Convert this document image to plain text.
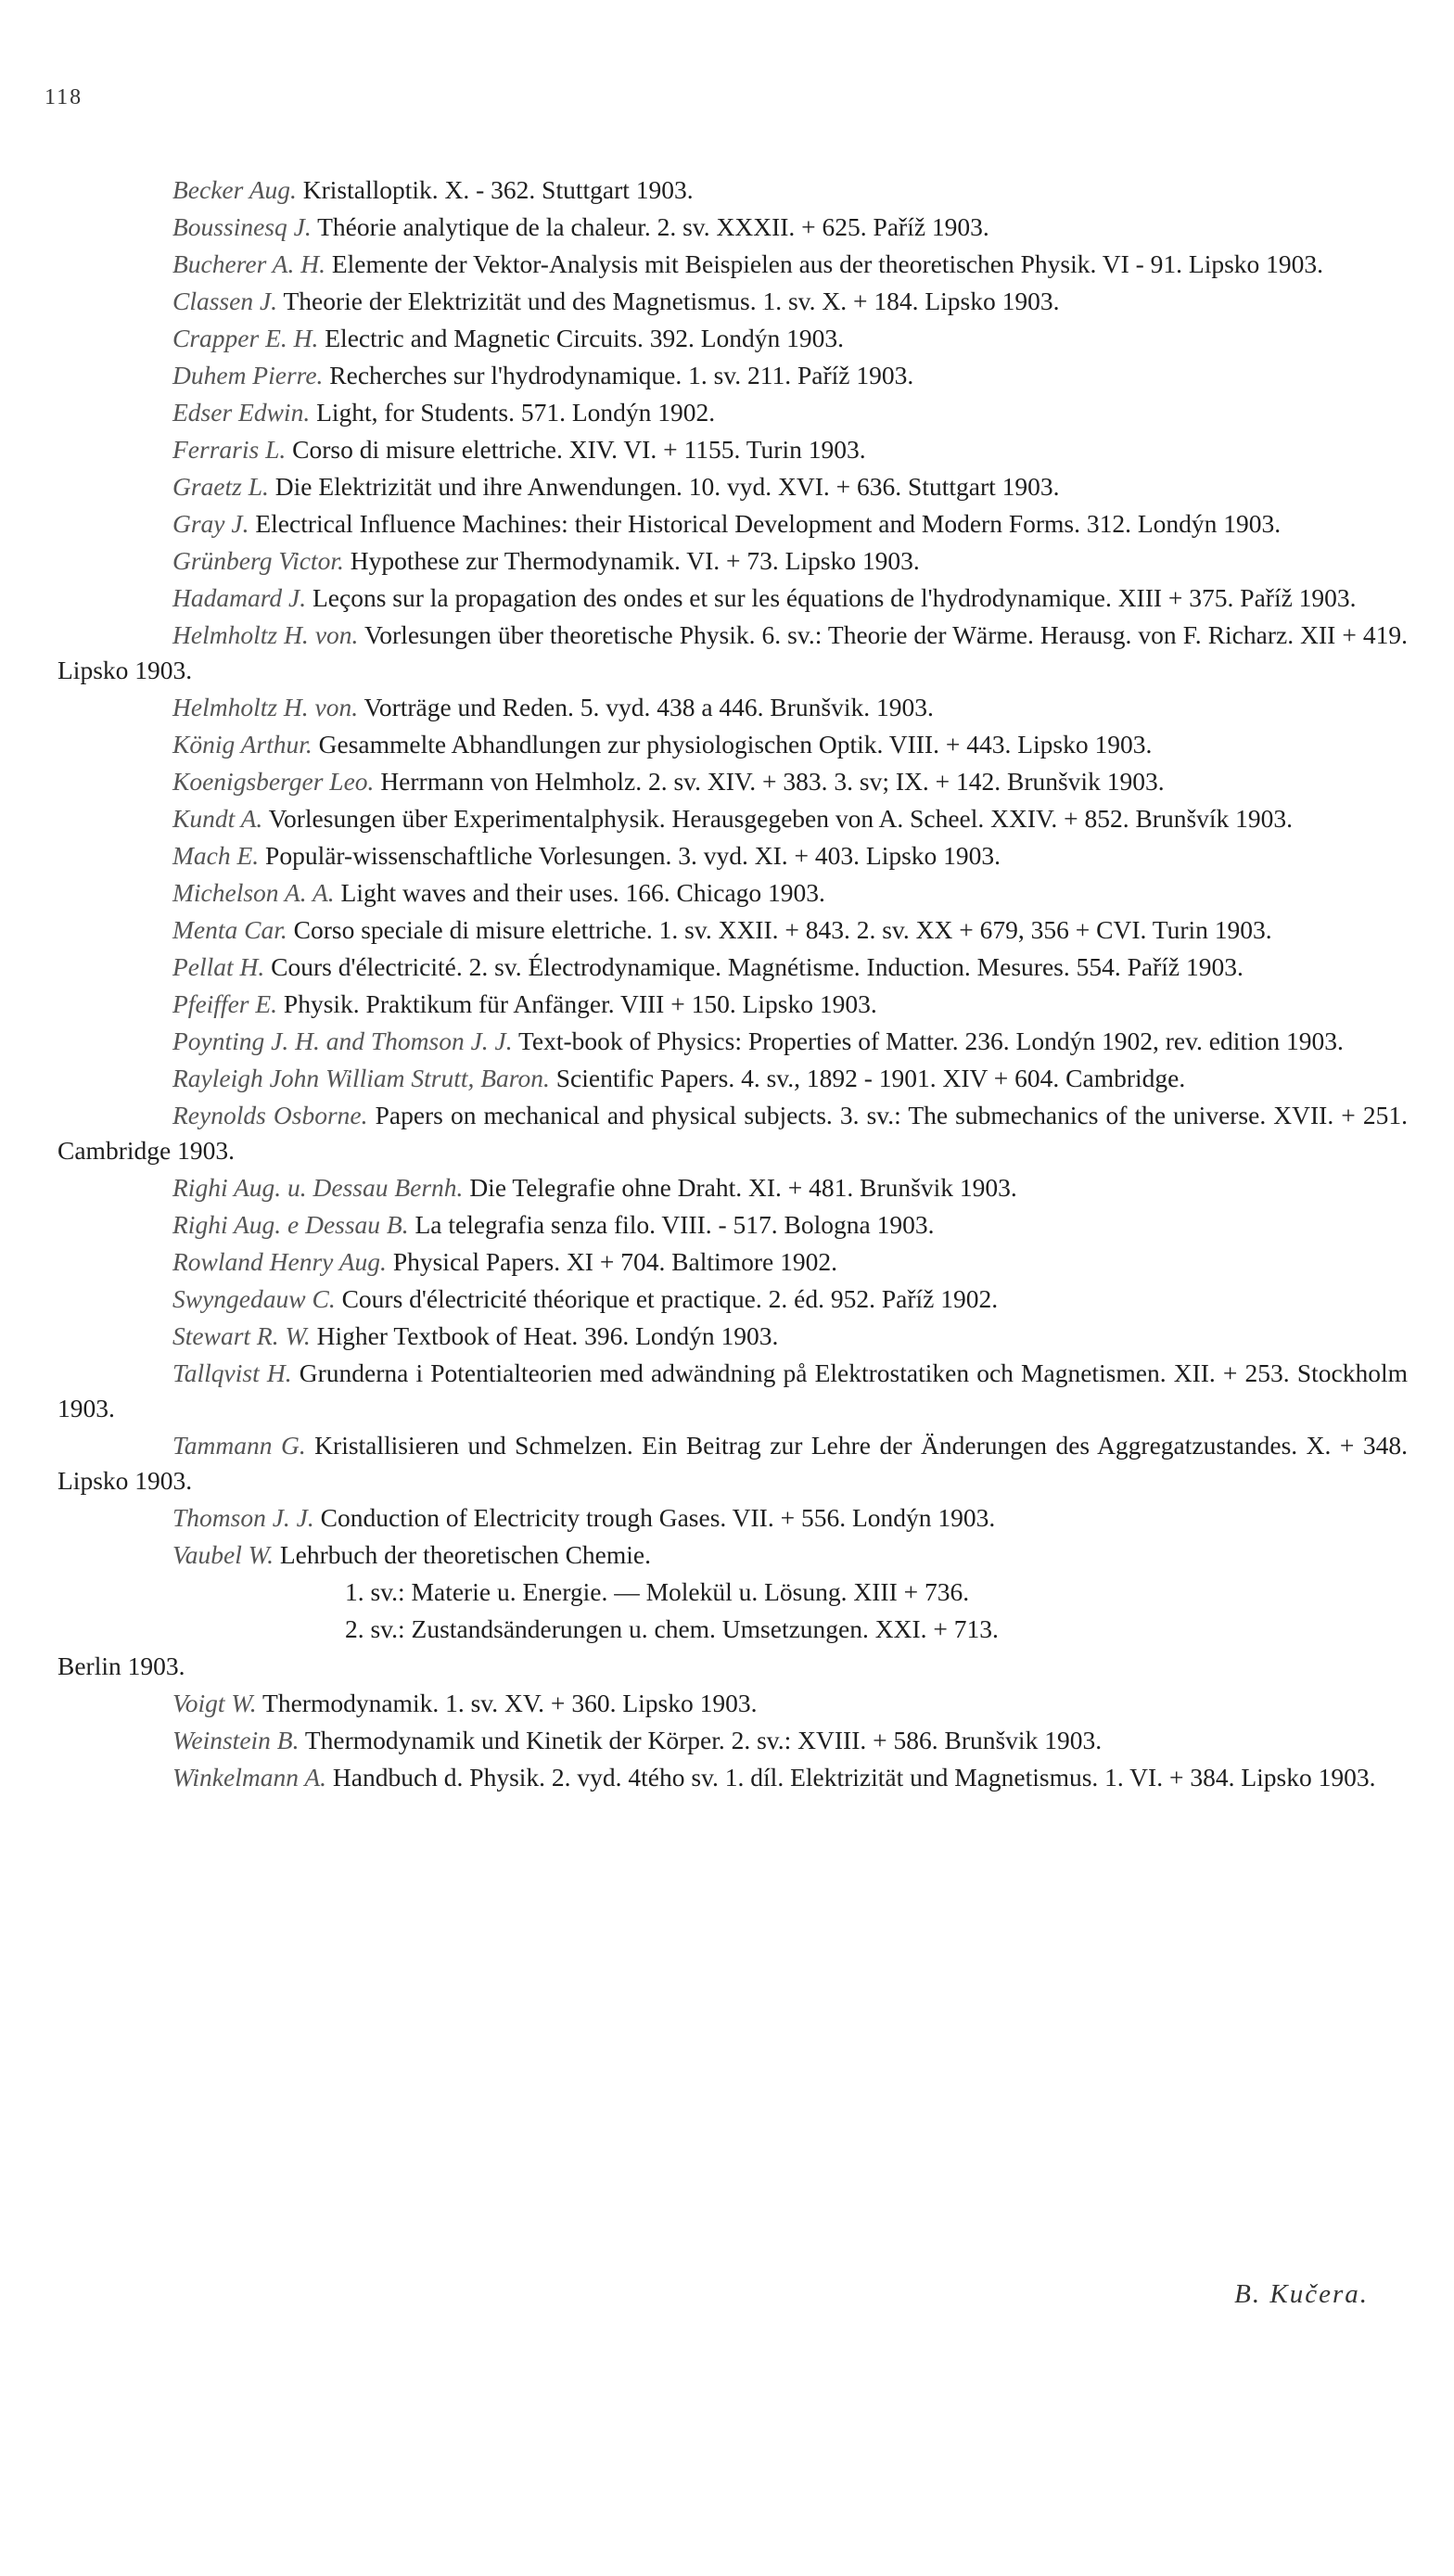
118

Becker Aug. Kristalloptik. X. - 362. Stuttgart 1903.

Boussinesq J. Théorie analytique de la chaleur. 2. sv. XXXII. + 625. Paříž 1903.

Bucherer A. H. Elemente der Vektor-Analysis mit Beispielen aus der theoretischen Physik. VI - 91. Lipsko 1903.

Classen J. Theorie der Elektrizität und des Magnetismus. 1. sv. X. + 184. Lipsko 1903.

Crapper E. H. Electric and Magnetic Circuits. 392. Londýn 1903.

Duhem Pierre. Recherches sur l'hydrodynamique. 1. sv. 211. Paříž 1903.

Edser Edwin. Light, for Students. 571. Londýn 1902.

Ferraris L. Corso di misure elettriche. XIV. VI. + 1155. Turin 1903.

Graetz L. Die Elektrizität und ihre Anwendungen. 10. vyd. XVI. + 636. Stuttgart 1903.

Gray J. Electrical Influence Machines: their Historical Development and Modern Forms. 312. Londýn 1903.

Grünberg Victor. Hypothese zur Thermodynamik. VI. + 73. Lipsko 1903.

Hadamard J. Leçons sur la propagation des ondes et sur les équations de l'hydrodynamique. XIII + 375. Paříž 1903.

Helmholtz H. von. Vorlesungen über theoretische Physik. 6. sv.: Theorie der Wärme. Herausg. von F. Richarz. XII + 419. Lipsko 1903.

Helmholtz H. von. Vorträge und Reden. 5. vyd. 438 a 446. Brunšvik. 1903.

König Arthur. Gesammelte Abhandlungen zur physiologischen Optik. VIII. + 443. Lipsko 1903.

Koenigsberger Leo. Herrmann von Helmholz. 2. sv. XIV. + 383. 3. sv; IX. + 142. Brunšvik 1903.

Kundt A. Vorlesungen über Experimentalphysik. Herausgegeben von A. Scheel. XXIV. + 852. Brunšvík 1903.

Mach E. Populär-wissenschaftliche Vorlesungen. 3. vyd. XI. + 403. Lipsko 1903.

Michelson A. A. Light waves and their uses. 166. Chicago 1903.

Menta Car. Corso speciale di misure elettriche. 1. sv. XXII. + 843. 2. sv. XX + 679, 356 + CVI. Turin 1903.

Pellat H. Cours d'électricité. 2. sv. Électrodynamique. Magnétisme. Induction. Mesures. 554. Paříž 1903.

Pfeiffer E. Physik. Praktikum für Anfänger. VIII + 150. Lipsko 1903.

Poynting J. H. and Thomson J. J. Text-book of Physics: Properties of Matter. 236. Londýn 1902, rev. edition 1903.

Rayleigh John William Strutt, Baron. Scientific Papers. 4. sv., 1892 - 1901. XIV + 604. Cambridge.

Reynolds Osborne. Papers on mechanical and physical subjects. 3. sv.: The submechanics of the universe. XVII. + 251. Cambridge 1903.

Righi Aug. u. Dessau Bernh. Die Telegrafie ohne Draht. XI. + 481. Brunšvik 1903.

Righi Aug. e Dessau B. La telegrafia senza filo. VIII. - 517. Bologna 1903.

Rowland Henry Aug. Physical Papers. XI + 704. Baltimore 1902.

Swyngedauw C. Cours d'électricité théorique et practique. 2. éd. 952. Paříž 1902.

Stewart R. W. Higher Textbook of Heat. 396. Londýn 1903.

Tallqvist H. Grunderna i Potentialteorien med adwändning på Elektrostatiken och Magnetismen. XII. + 253. Stockholm 1903.

Tammann G. Kristallisieren und Schmelzen. Ein Beitrag zur Lehre der Änderungen des Aggregatzustandes. X. + 348. Lipsko 1903.

Thomson J. J. Conduction of Electricity trough Gases. VII. + 556. Londýn 1903.

Vaubel W. Lehrbuch der theoretischen Chemie.

1. sv.: Materie u. Energie. — Molekül u. Lösung. XIII + 736.

2. sv.: Zustandsänderungen u. chem. Umsetzungen. XXI. + 713.

Berlin 1903.

Voigt W. Thermodynamik. 1. sv. XV. + 360. Lipsko 1903.

Weinstein B. Thermodynamik und Kinetik der Körper. 2. sv.: XVIII. + 586. Brunšvik 1903.

Winkelmann A. Handbuch d. Physik. 2. vyd. 4tého sv. 1. díl. Elektrizität und Magnetismus. 1. VI. + 384. Lipsko 1903.

B. Kučera.
